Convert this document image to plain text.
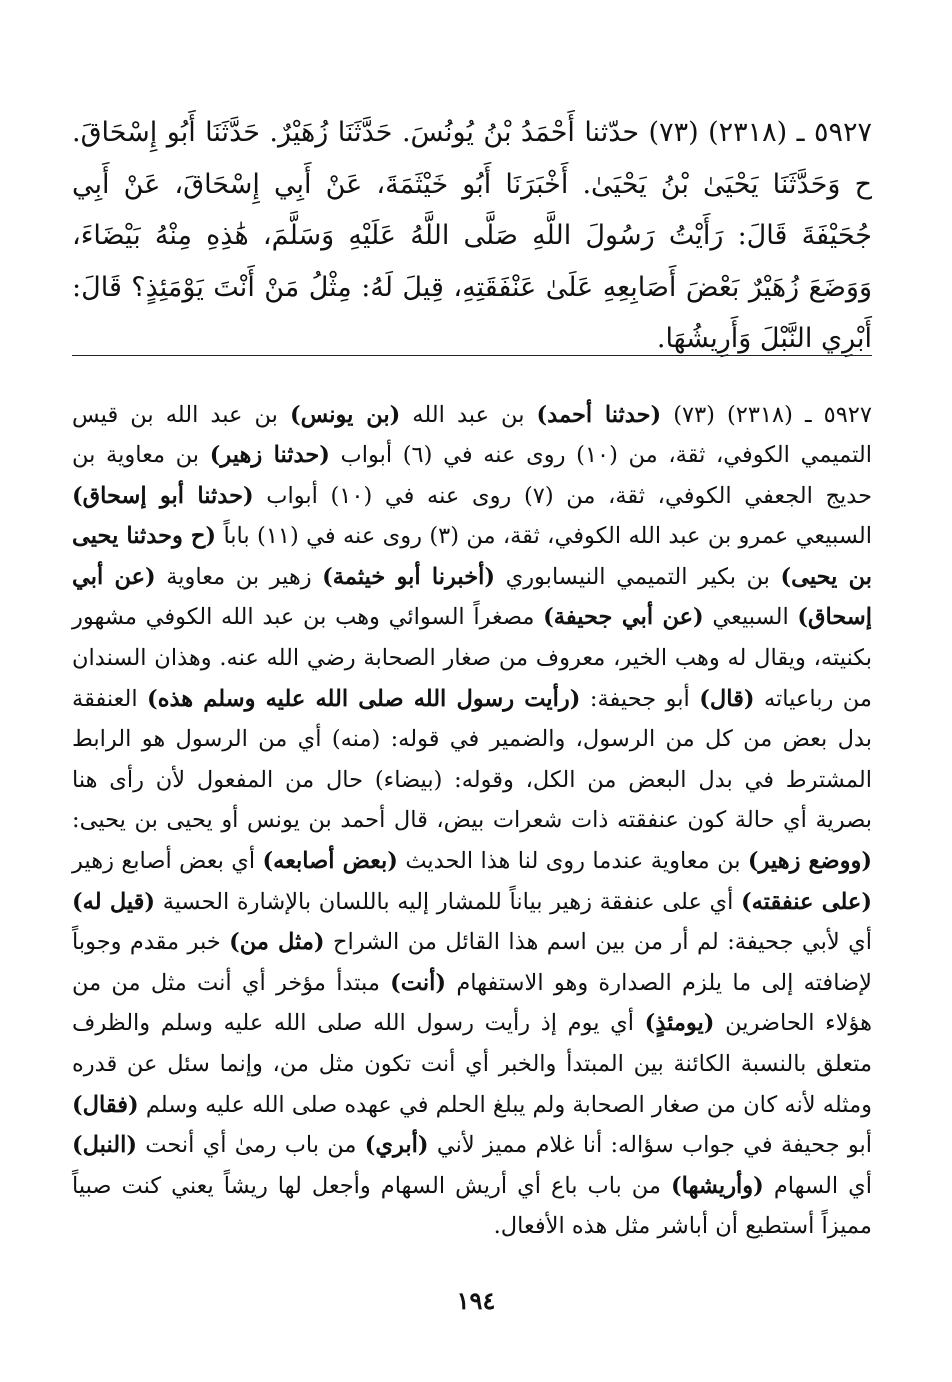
٥٩٢٧ ـ (٢٣١٨) (٧٣) حدّثنا أَحْمَدُ بْنُ يُونُسَ. حَدَّثَنَا زُهَيْرٌ. حَدَّثَنَا أَبُو إِسْحَاقَ. ح وَحَدَّثَنَا يَحْيَىٰ بْنُ يَحْيَىٰ. أَخْبَرَنَا أَبُو خَيْثَمَةَ، عَنْ أَبِي إِسْحَاقَ، عَنْ أَبِي جُحَيْفَةَ قَالَ: رَأَيْتُ رَسُولَ اللَّهِ صَلَّى اللَّهُ عَلَيْهِ وَسَلَّمَ، هَٰذِهِ مِنْهُ بَيْضَاءَ، وَوَضَعَ زُهَيْرٌ بَعْضَ أَصَابِعِهِ عَلَىٰ عَنْفَقَتِهِ، قِيلَ لَهُ: مِثْلُ مَنْ أَنْتَ يَوْمَئِذٍ؟ قَالَ: أَبْرِي النَّبْلَ وَأَرِيشُهَا.

٥٩٢٧ ـ (٢٣١٨) (٧٣) (حدثنا أحمد) بن عبد الله (بن يونس) بن عبد الله بن قيس التميمي الكوفي، ثقة، من (١٠) روى عنه في (٦) أبواب (حدثنا زهير) بن معاوية بن حديج الجعفي الكوفي، ثقة، من (٧) روى عنه في (١٠) أبواب (حدثنا أبو إسحاق) السبيعي عمرو بن عبد الله الكوفي، ثقة، من (٣) روى عنه في (١١) باباً (ح وحدثنا يحيى بن يحيى) بن بكير التميمي النيسابوري (أخبرنا أبو خيثمة) زهير بن معاوية (عن أبي إسحاق) السبيعي (عن أبي جحيفة) مصغراً السوائي وهب بن عبد الله الكوفي مشهور بكنيته، ويقال له وهب الخير، معروف من صغار الصحابة رضي الله عنه. وهذان السندان من رباعياته (قال) أبو جحيفة: (رأيت رسول الله صلى الله عليه وسلم هذه) العنفقة بدل بعض من كل من الرسول، والضمير في قوله: (منه) أي من الرسول هو الرابط المشترط في بدل البعض من الكل، وقوله: (بيضاء) حال من المفعول لأن رأى هنا بصرية أي حالة كون عنفقته ذات شعرات بيض، قال أحمد بن يونس أو يحيى بن يحيى: (ووضع زهير) بن معاوية عندما روى لنا هذا الحديث (بعض أصابعه) أي بعض أصابع زهير (على عنفقته) أي على عنفقة زهير بياناً للمشار إليه باللسان بالإشارة الحسية (قيل له) أي لأبي جحيفة: لم أر من بين اسم هذا القائل من الشراح (مثل من) خبر مقدم وجوباً لإضافته إلى ما يلزم الصدارة وهو الاستفهام (أنت) مبتدأ مؤخر أي أنت مثل من من هؤلاء الحاضرين (يومئذٍ) أي يوم إذ رأيت رسول الله صلى الله عليه وسلم والظرف متعلق بالنسبة الكائنة بين المبتدأ والخبر أي أنت تكون مثل من، وإنما سئل عن قدره ومثله لأنه كان من صغار الصحابة ولم يبلغ الحلم في عهده صلى الله عليه وسلم (فقال) أبو جحيفة في جواب سؤاله: أنا غلام مميز لأني (أبري) من باب رمىٰ أي أنحت (النبل) أي السهام (وأريشها) من باب باع أي أريش السهام وأجعل لها ريشاً يعني كنت صبياً مميزاً أستطيع أن أباشر مثل هذه الأفعال.

١٩٤
